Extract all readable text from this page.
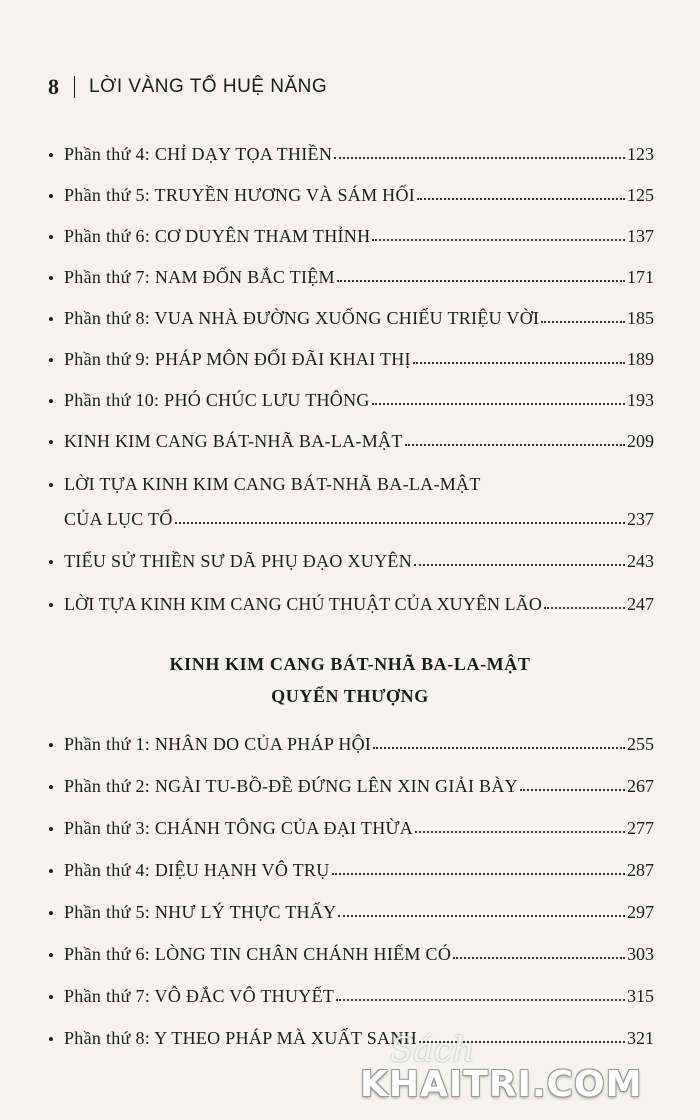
8 LỜI VÀNG TỔ HUỆ NĂNG
• Phần thứ 4: CHỈ DẠY TỌA THIỀN	123
• Phần thứ 5: TRUYỀN HƯƠNG VÀ SÁM HỐI	125
• Phần thứ 6: CƠ DUYÊN THAM THỈNH	137
• Phần thứ 7: NAM ĐỐN BẮC TIỆM	171
• Phần thứ 8: VUA NHÀ ĐƯỜNG XUỐNG CHIẾU TRIỆU VỜI	185
• Phần thứ 9: PHÁP MÔN ĐỐI ĐÃI KHAI THỊ	189
• Phần thứ 10: PHÓ CHÚC LƯU THÔNG	193
• KINH KIM CANG BÁT-NHÃ BA-LA-MẬT	209
• LỜI TỰA KINH KIM CANG BÁT-NHÃ BA-LA-MẬT
CỦA LỤC TỔ	237
• TIỂU SỬ THIỀN SƯ DÃ PHỤ ĐẠO XUYÊN	243
• LỜI TỰA KINH KIM CANG CHÚ THUẬT CỦA XUYÊN LÃO	247
KINH KIM CANG BÁT-NHÃ BA-LA-MẬT
QUYỂN THƯỢNG
• Phần thứ 1: NHÂN DO CỦA PHÁP HỘI	255
• Phần thứ 2: NGÀI TU-BỒ-ĐỀ ĐỨNG LÊN XIN GIẢI BÀY	267
• Phần thứ 3: CHÁNH TÔNG CỦA ĐẠI THỪA	277
• Phần thứ 4: DIỆU HẠNH VÔ TRỤ	287
• Phần thứ 5: NHƯ LÝ THỰC THẤY	297
• Phần thứ 6: LÒNG TIN CHÂN CHÁNH HIẾM CÓ	303
• Phần thứ 7: VÔ ĐẮC VÔ THUYẾT	315
• Phần thứ 8: Y THEO PHÁP MÀ XUẤT SANH	321
Sách
KHAITRI.COM
